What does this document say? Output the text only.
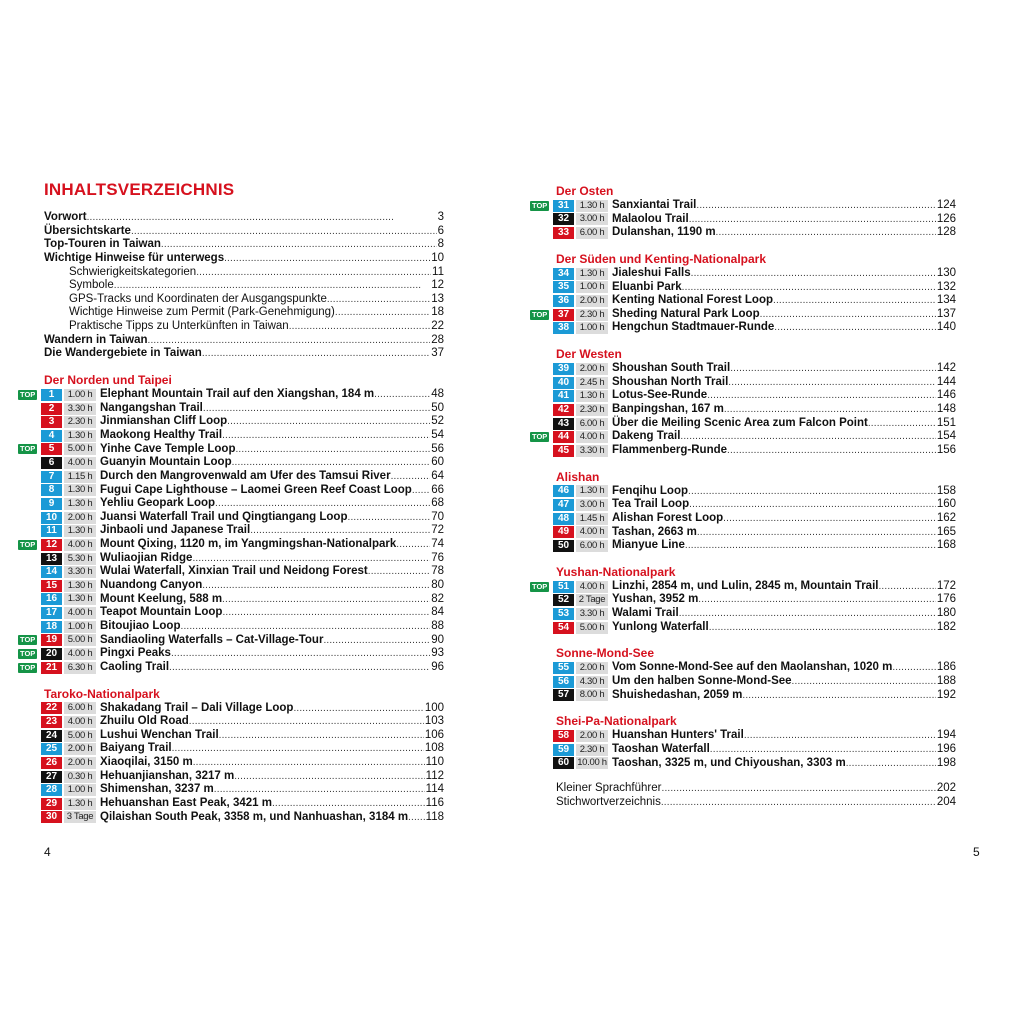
INHALTSVERZEICHNIS
Vorwort . . .	3
Übersichtskarte . . .	6
Top-Touren in Taiwan . . .	8
Wichtige Hinweise für unterwegs . . .	10
Schwierigkeitskategorien . . .	11
Symbole . . .	12
GPS-Tracks und Koordinaten der Ausgangspunkte . . .	13
Wichtige Hinweise zum Permit (Park-Genehmigung) . . .	18
Praktische Tipps zu Unterkünften in Taiwan . . .	22
Wandern in Taiwan . . .	28
Die Wandergebiete in Taiwan . . .	37
Der Norden und Taipei
TOP	1	1.00 h Elephant Mountain Trail auf den Xiangshan, 184 m . . .	48
2	3.30 h Nangangshan Trail . . .	50
3	2.30 h Jinmianshan Cliff Loop . . .	52
4	1.30 h Maokong Healthy Trail . . .	54
TOP	5	5.00 h Yinhe Cave Temple Loop . . .	56
6	4.00 h Guanyin Mountain Loop . . .	60
7	1.15 h Durch den Mangrovenwald am Ufer des Tamsui River . . .	64
8	1.30 h Fugui Cape Lighthouse – Laomei Green Reef Coast Loop . . . 66
9	1.30 h Yehliu Geopark Loop . . .	68
10	2.00 h Juansi Waterfall Trail und Qingtiangang Loop . . .	70
11	1.30 h Jinbaoli und Japanese Trail . . .	72
TOP	12	4.00 h Mount Qixing, 1120 m, im Yangmingshan-Nationalpark . . .	74
13	5.30 h Wuliaojian Ridge . . .	76
14	3.30 h Wulai Waterfall, Xinxian Trail und Neidong Forest . . .	78
15	1.30 h Nuandong Canyon . . .	80
16	1.30 h Mount Keelung, 588 m . . .	82
17	4.00 h Teapot Mountain Loop . . .	84
18	1.00 h Bitoujiao Loop . . .	88
TOP	19	5.00 h Sandiaoling Waterfalls – Cat-Village-Tour . . .	90
TOP	20	4.00 h Pingxi Peaks . . .	93
TOP	21	6.30 h Caoling Trail . . .	96
Taroko-Nationalpark
22	6.00 h Shakadang Trail – Dali Village Loop . . .	100
23	4.00 h Zhuilu Old Road . . .	103
24	5.00 h Lushui Wenchan Trail . . .	106
25	2.00 h Baiyang Trail . . .	108
26	2.00 h Xiaoqilai, 3150 m . . .	110
27	0.30 h Hehuanjianshan, 3217 m . . .	112
28	1.00 h Shimenshan, 3237 m . . .	114
29	1.30 h Hehuanshan East Peak, 3421 m . . .	116
30	3 Tage Qilaishan South Peak, 3358 m, und Nanhuashan, 3184 m . . . 118
Der Osten
TOP	31	1.30 h Sanxiantai Trail . . .	124
32	3.00 h Malaolou Trail . . .	126
33	6.00 h Dulanshan, 1190 m . . .	128
Der Süden und Kenting-Nationalpark
34	1.30 h Jialeshui Falls . . .	130
35	1.00 h Eluanbi Park . . .	132
36	2.00 h Kenting National Forest Loop . . .	134
TOP	37	2.30 h Sheding Natural Park Loop . . .	137
38	1.00 h Hengchun Stadtmauer-Runde . . .	140
Der Westen
39	2.00 h Shoushan South Trail . . .	142
40	2.45 h Shoushan North Trail . . .	144
41	1.30 h Lotus-See-Runde . . .	146
42	2.30 h Banpingshan, 167 m . . .	148
43	6.00 h Über die Meiling Scenic Area zum Falcon Point . . .	151
TOP	44	4.00 h Dakeng Trail . . .	154
45	3.30 h Flammenberg-Runde . . .	156
Alishan
46	1.30 h Fenqihu Loop . . .	158
47	3.00 h Tea Trail Loop . . .	160
48	1.45 h Alishan Forest Loop . . .	162
49	4.00 h Tashan, 2663 m . . .	165
50	6.00 h Mianyue Line . . .	168
Yushan-Nationalpark
TOP	51	4.00 h Linzhi, 2854 m, und Lulin, 2845 m, Mountain Trail . . .	172
52	2 Tage Yushan, 3952 m . . .	176
53	3.30 h Walami Trail . . .	180
54	5.00 h Yunlong Waterfall . . .	182
Sonne-Mond-See
55	2.00 h Vom Sonne-Mond-See auf den Maolanshan, 1020 m . . .	186
56	4.30 h Um den halben Sonne-Mond-See . . .	188
57	8.00 h Shuishedashan, 2059 m . . .	192
Shei-Pa-Nationalpark
58	2.00 h Huanshan Hunters' Trail . . .	194
59	2.30 h Taoshan Waterfall . . .	196
60 10.00 h Taoshan, 3325 m, und Chiyoushan, 3303 m . . .	198
Kleiner Sprachführer . . .	202
Stichwortverzeichnis . . .	204
4	5
